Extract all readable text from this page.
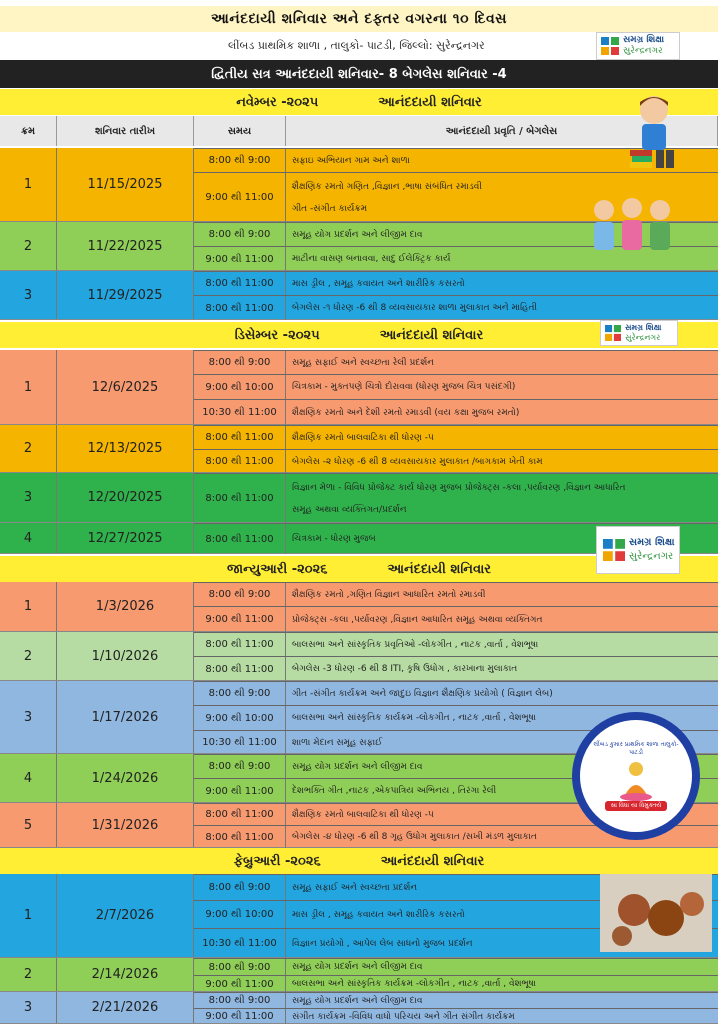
આનંદદાયી શનિવાર અને દફ્તર વગરના ૧૦ દિવસ
લીંબડ પ્રાથમિક શાળા , તાલુકો- પાટડી, જિલ્લો: સુરેન્દ્રનગર	સમગ્ર શિક્ષા
સુરેન્દ્રનગર
દ્વિતીય સત્ર આનંદદાયી શનિવાર- 8 બેગલેસ શનિવાર -4
નવેમ્બર -૨૦૨૫	આનંદદાયી શનિવાર
ક્રમ	શનિવાર તારીખ	સમય	આનંદદાયી પ્રવૃતિ / બેગલેસ
1	11/15/2025
8:00 થી 9:00	સફાઇ અભિયાન ગામ અને શાળા
9:00 થી 11:00
શૈક્ષણિક રમતો ગણિત ,વિજ્ઞાન ,ભાષા સંબંધિત રમાડવી
ગીત -સંગીત કાર્યક્રમ
2	11/22/2025
8:00 થી 9:00	સમૂહ યોગ પ્રદર્શન અને લીજીમ દાવ
9:00 થી 11:00	માટીના વાસણ બનાવવા, સાદુ ઈલેક્ટ્રિક કાર્ય
3	11/29/2025
8:00 થી 11:00	માસ ડ્રીલ , સમૂહ કવાયત અને શારીરિક કસરતો
8:00 થી 11:00	બેગલેસ -૧ ધોરણ -6 થી 8 વ્યવસાયકાર શાળા મુલાકાત અને માહિતી
ડિસેમ્બર -૨૦૨૫	આનંદદાયી શનિવાર
1	12/6/2025
8:00 થી 9:00	સમૂહ સફાઈ અને સ્વચ્છતા રેલી પ્રદર્શન
9:00 થી 10:00	ચિત્રકામ - મુક્તપણે ચિત્રો દોરાવવા (ધોરણ મુજબ ચિત્ર પસંદગી)
10:30 થી 11:00	શૈક્ષણિક રમતો અને દેશી રમતો રમાડવી (વય કક્ષા મુજબ રમતો)
2	12/13/2025
8:00 થી 11:00	શૈક્ષણિક રમતો બાલવાટિકા થી ધોરણ -૫
8:00 થી 11:00	બેગલેસ -૨ ધોરણ -6 થી 8 વ્યવસાયકાર મુલાકાત /બાગકામ ખેતી કામ
3	12/20/2025	8:00 થી 11:00
વિજ્ઞાન મેળા - વિવિધ પ્રોજેક્ટ કાર્ય ધોરણ મુજબ પ્રોજેક્ટ્સ -કલા ,પર્યાવરણ ,વિજ્ઞાન આધારિત
સમૂહ અથવા વ્યક્તિગત/પ્રદર્શન
4	12/27/2025	8:00 થી 11:00	ચિત્રકામ - ધોરણ મુજબ
જાન્યુઆરી -૨૦૨૬	આનંદદાયી શનિવાર
1	1/3/2026
8:00 થી 9:00	શૈક્ષણિક રમતો ,ગણિત વિજ્ઞાન આધારિત રમતો રમાડવી
9:00 થી 11:00	પ્રોજેક્ટ્સ -કલા ,પર્યાવરણ ,વિજ્ઞાન આધારિત સમૂહ અથવા વ્યક્તિગત
2	1/10/2026
8:00 થી 11:00	બાલસભા અને સાંસ્કૃતિક પ્રવૃતિઓ -લોકગીત , નાટક ,વાર્તા , વેશભૂષા
8:00 થી 11:00	બેગલેસ -3 ધોરણ -6 થી 8 ITI, કૃષિ ઉધોગ , કારખાના મુલાકાત
3	1/17/2026
8:00 થી 9:00	ગીત -સંગીત કાર્યક્રમ અને જાદુઇ વિજ્ઞાન શૈક્ષણિક પ્રયોગો ( વિજ્ઞાન લેબ)
9:00 થી 10:00	બાલસભા અને સાંસ્કૃતિક કાર્યક્રમ -લોકગીત , નાટક ,વાર્તા , વેશભૂષા
10:30 થી 11:00	શાળા મેદાન સમૂહ સફાઈ
4	1/24/2026
8:00 થી 9:00	સમૂહ યોગ પ્રદર્શન અને લીજીમ દાવ
9:00 થી 11:00	દેશભક્તિ ગીત ,નાટક ,એકપાત્રિય અભિનય , તિરંગા રેલી
5	1/31/2026
8:00 થી 11:00	શૈક્ષણિક રમતો બાલવાટિકા થી ધોરણ -૫
8:00 થી 11:00	બેગલેસ -૪ ધોરણ -6 થી 8 ગૃહ ઉધોગ મુલાકાત /સખી મંડળ મુલાકાત
ફેબ્રુઆરી -૨૦૨૬	આનંદદાયી શનિવાર
1	2/7/2026
8:00 થી 9:00	સમૂહ સફાઈ અને સ્વચ્છતા પ્રદર્શન
9:00 થી 10:00	માસ ડ્રીલ , સમૂહ કવાયત અને શારીરિક કસરતો
10:30 થી 11:00	વિજ્ઞાન પ્રયોગો , આપેલ લેબ સાધનો મુજબ પ્રદર્શન
2	2/14/2026	8:00 થી 9:00	સમૂહ યોગ પ્રદર્શન અને લીજીમ દાવ
9:00 થી 11:00	બાલસભા અને સાંસ્કૃતિક કાર્યક્રમ -લોકગીત , નાટક ,વાર્તા , વેશભૂષા
3	2/21/2026	8:00 થી 9:00	સમૂહ યોગ પ્રદર્શન અને લીજીમ દાવ
9:00 થી 11:00	સંગીત કાર્યક્રમ -વિવિધ વાધો પરિચય અને ગીત સંગીત કાર્યક્રમ
સમગ્ર શિક્ષા
સુરેન્દ્રનગર
સમગ્ર શિક્ષા
સુરેન્દ્રનગર
લીંબડ કુમાર પ્રાથમિક શાળા તાલુકો- પાટડી
સા વિધા યા વિમુક્તયે
